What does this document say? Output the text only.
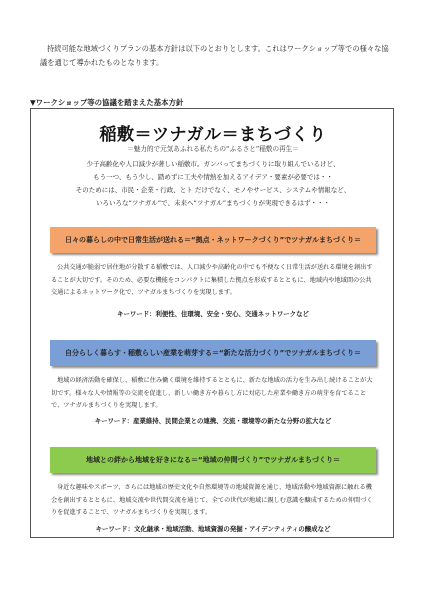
持続可能な地域づくりプランの基本方針は以下のとおりとします。これはワークショップ等での様々な協議を通じて導かれたものとなります。

▼ワークショップ等の協議を踏まえた基本方針
稲敷＝ツナガル＝まちづくり
＝魅力的で元気あふれる私たちの“ふるさと”稲敷の再生＝
少子高齢化や人口減少が著しい稲敷市。ガンバってまちづくりに取り組んでいるけど、
もう一つ、もう少し、踏めずに工夫や情熱を加えるアイデア・要素が必要では・・
そのためには、市民・企業・行政、とト だけでなく、モノやサービス、システムや情報など、
いろいろな“ツナガル”で、未来へ“ツナガル”まちづくりが実現できるはず・・・
日々の暮らしの中で日常生活が送れる＝“拠点・ネットワークづくり”でツナガルまちづくり＝

公共交通が脆弱で居住地が分散する稲敷では、人口減少や高齢化の中でも不便なく日常生活が送れる環境を創出することが大切です。そのため、必要な機能をコンパクトに集積した拠点を形成するとともに、地域内や地域間の公共交通によるネットワーク化で、ツナガルまちづくりを実現します。

キーワード：利便性、住環境、安全・安心、交通ネットワークなど
自分らしく暮らす・稲敷らしい産業を萌芽する＝“新たな活力づくり”でツナガルまちづくり＝

地域の経済活動を確保し、稲敷に住み働く環境を維持するとともに、新たな地域の活力を生み出し続けることが大切です。様々な人や情報等の交流を促進し、新しい働き方や暮らし方に対応した産業や働き方の萌芽を育てることで、ツナガルまちづくりを実現します。

キーワード：産業維持、民間企業との連携、交流・環境等の新たな分野の拡大など
地域との絆から地域を好きになる＝“地域の仲間づくり”でツナガルまちづくり＝

身近な趣味やスポーツ、さらには地域の歴史文化や自然環境等の地域資源を通じ、地域活動や地域資源に触れる機会を創出するとともに、地域交流や世代間交流を通じて、全ての世代が地域に親しむ意識を醸成するための仲間づくりを促進することで、ツナガルまちづくりを実現します。

キーワード：文化継承・地域活動、地域資源の発掘・アイデンティティの醸成など
